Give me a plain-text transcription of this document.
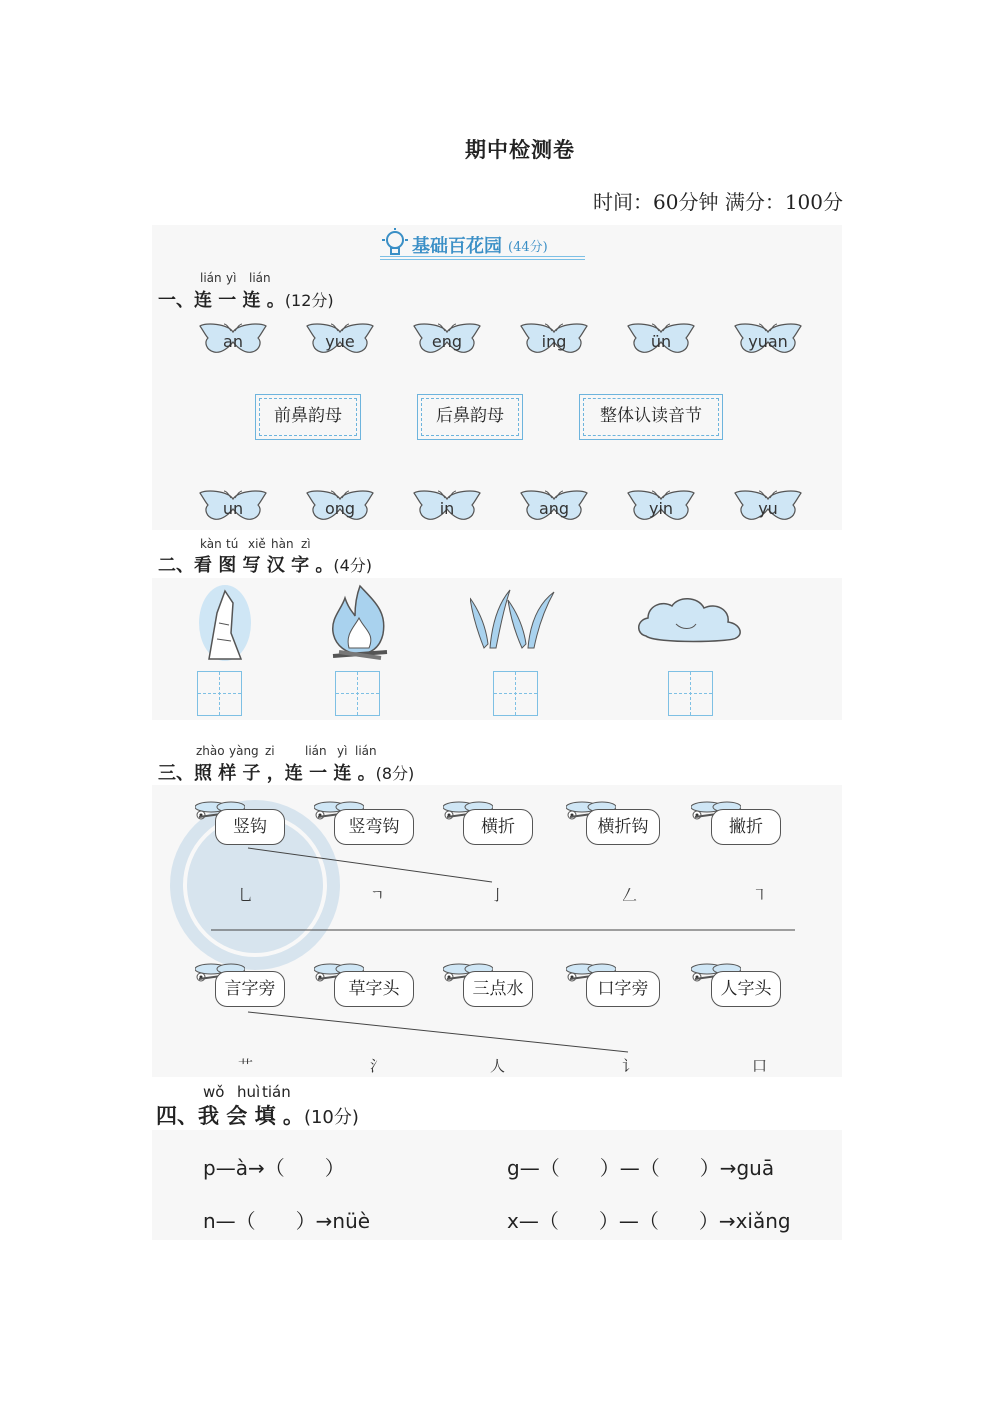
期中检测卷
时间：60分钟 满分：100分
基础百花园 (44分)
lián yì lián
一、连 一 连 。(12分)
前鼻韵母	后鼻韵母	整体认读音节
kàn tú xiě hàn zì
二、看 图 写 汉 字 。(4分)
zhào yàng zi	lián yì lián
三、照 样 子 ，连 一 连 。(8分)
wǒ huì tián
四、我 会 填 。(10分)
p—à→（　　）	g—（　　）—（　　）→guā
n—（　　）→nüè	x—（　　）—（　　）→xiǎng
an	yue	eng	ing	ün	yuan
un	ong	in	ang	yin	yu
竖钩
乚
竖弯钩
ㄱ
横折
亅
横折钩
𠃋
撇折
㇕
言字旁
艹
草字头
氵
三点水
人
口字旁
讠
人字头
口
